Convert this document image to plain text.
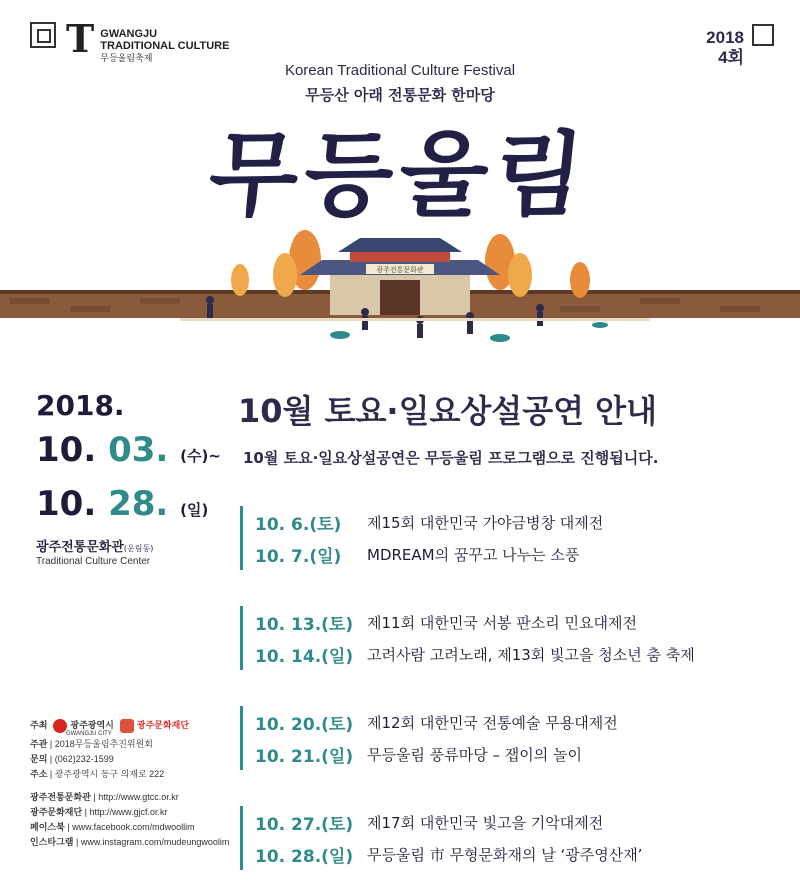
T GWANGJU
TRADITIONAL CULTURE
무등울림축제
2018
4회
Korean Traditional Culture Festival
무등산 아래 전통문화 한마당
무등울림
광주전통문화관
2018.
10. 03. (수)~
10. 28. (일)
광주전통문화관(운림동)
Traditional Culture Center
주최	광주광역시	광주문화재단
GWANGJU CITY
주관 | 2018무등울림추진위원회
문의 | (062)232-1599
주소 | 광주광역시 동구 의재로 222
광주전통문화관 | http://www.gtcc.or.kr
광주문화재단 | http://www.gjcf.or.kr
페이스북 | www.facebook.com/mdwoollim
인스타그램 | www.instagram.com/mudeungwoolim
10월 토요·일요상설공연 안내
10월 토요·일요상설공연은 무등울림 프로그램으로 진행됩니다.
10. 6.(토)	제15회 대한민국 가야금병창 대제전
10. 7.(일)	MDREAM의 꿈꾸고 나누는 소풍
10. 13.(토) 제11회 대한민국 서봉 판소리 민요대제전
10. 14.(일) 고려사람 고려노래, 제13회 빛고을 청소년 춤 축제
10. 20.(토) 제12회 대한민국 전통예술 무용대제전
10. 21.(일) 무등울림 풍류마당 – 잽이의 놀이
10. 27.(토) 제17회 대한민국 빛고을 기악대제전
10. 28.(일) 무등울림 市 무형문화재의 날 ‘광주영산재’
